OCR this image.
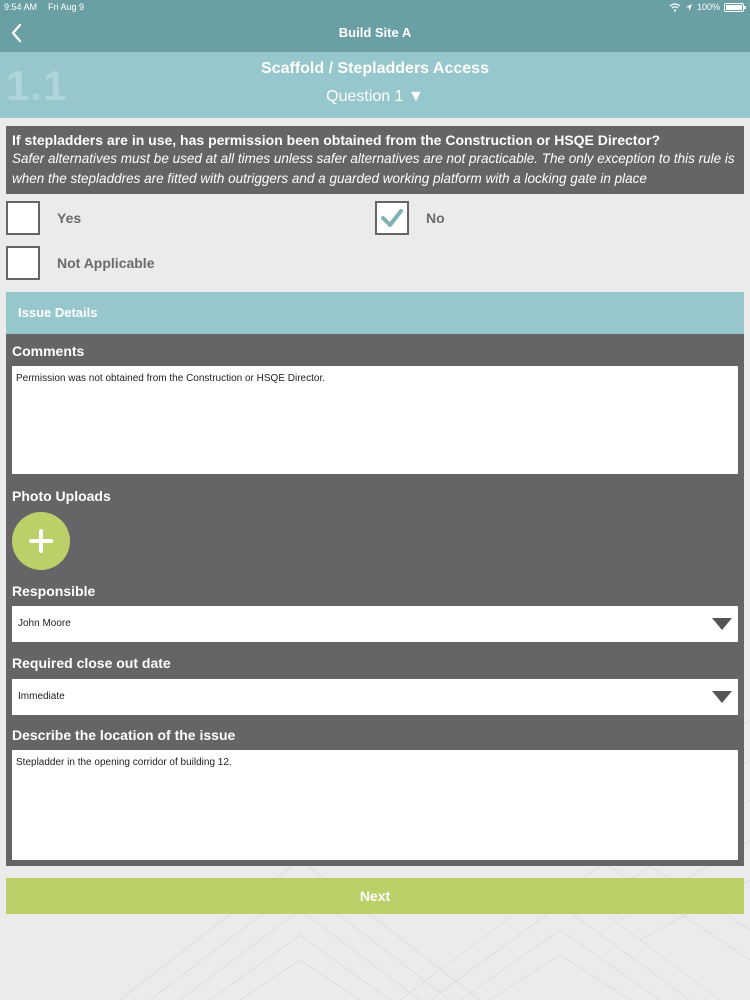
9:54 AM Fri Aug 9	100%
Build Site A
1.1	Scaffold / Stepladders Access
Question 1 ▼
If stepladders are in use, has permission been obtained from the Construction or HSQE Director?
Safer alternatives must be used at all times unless safer alternatives are not practicable. The only exception to this rule is when the stepladdres are fitted with outriggers and a guarded working platform with a locking gate in place
Yes	No
Not Applicable
Issue Details
Comments
Permission was not obtained from the Construction or HSQE Director.
Photo Uploads
Responsible
John Moore
Required close out date
Immediate
Describe the location of the issue
Stepladder in the opening corridor of building 12.
Next
